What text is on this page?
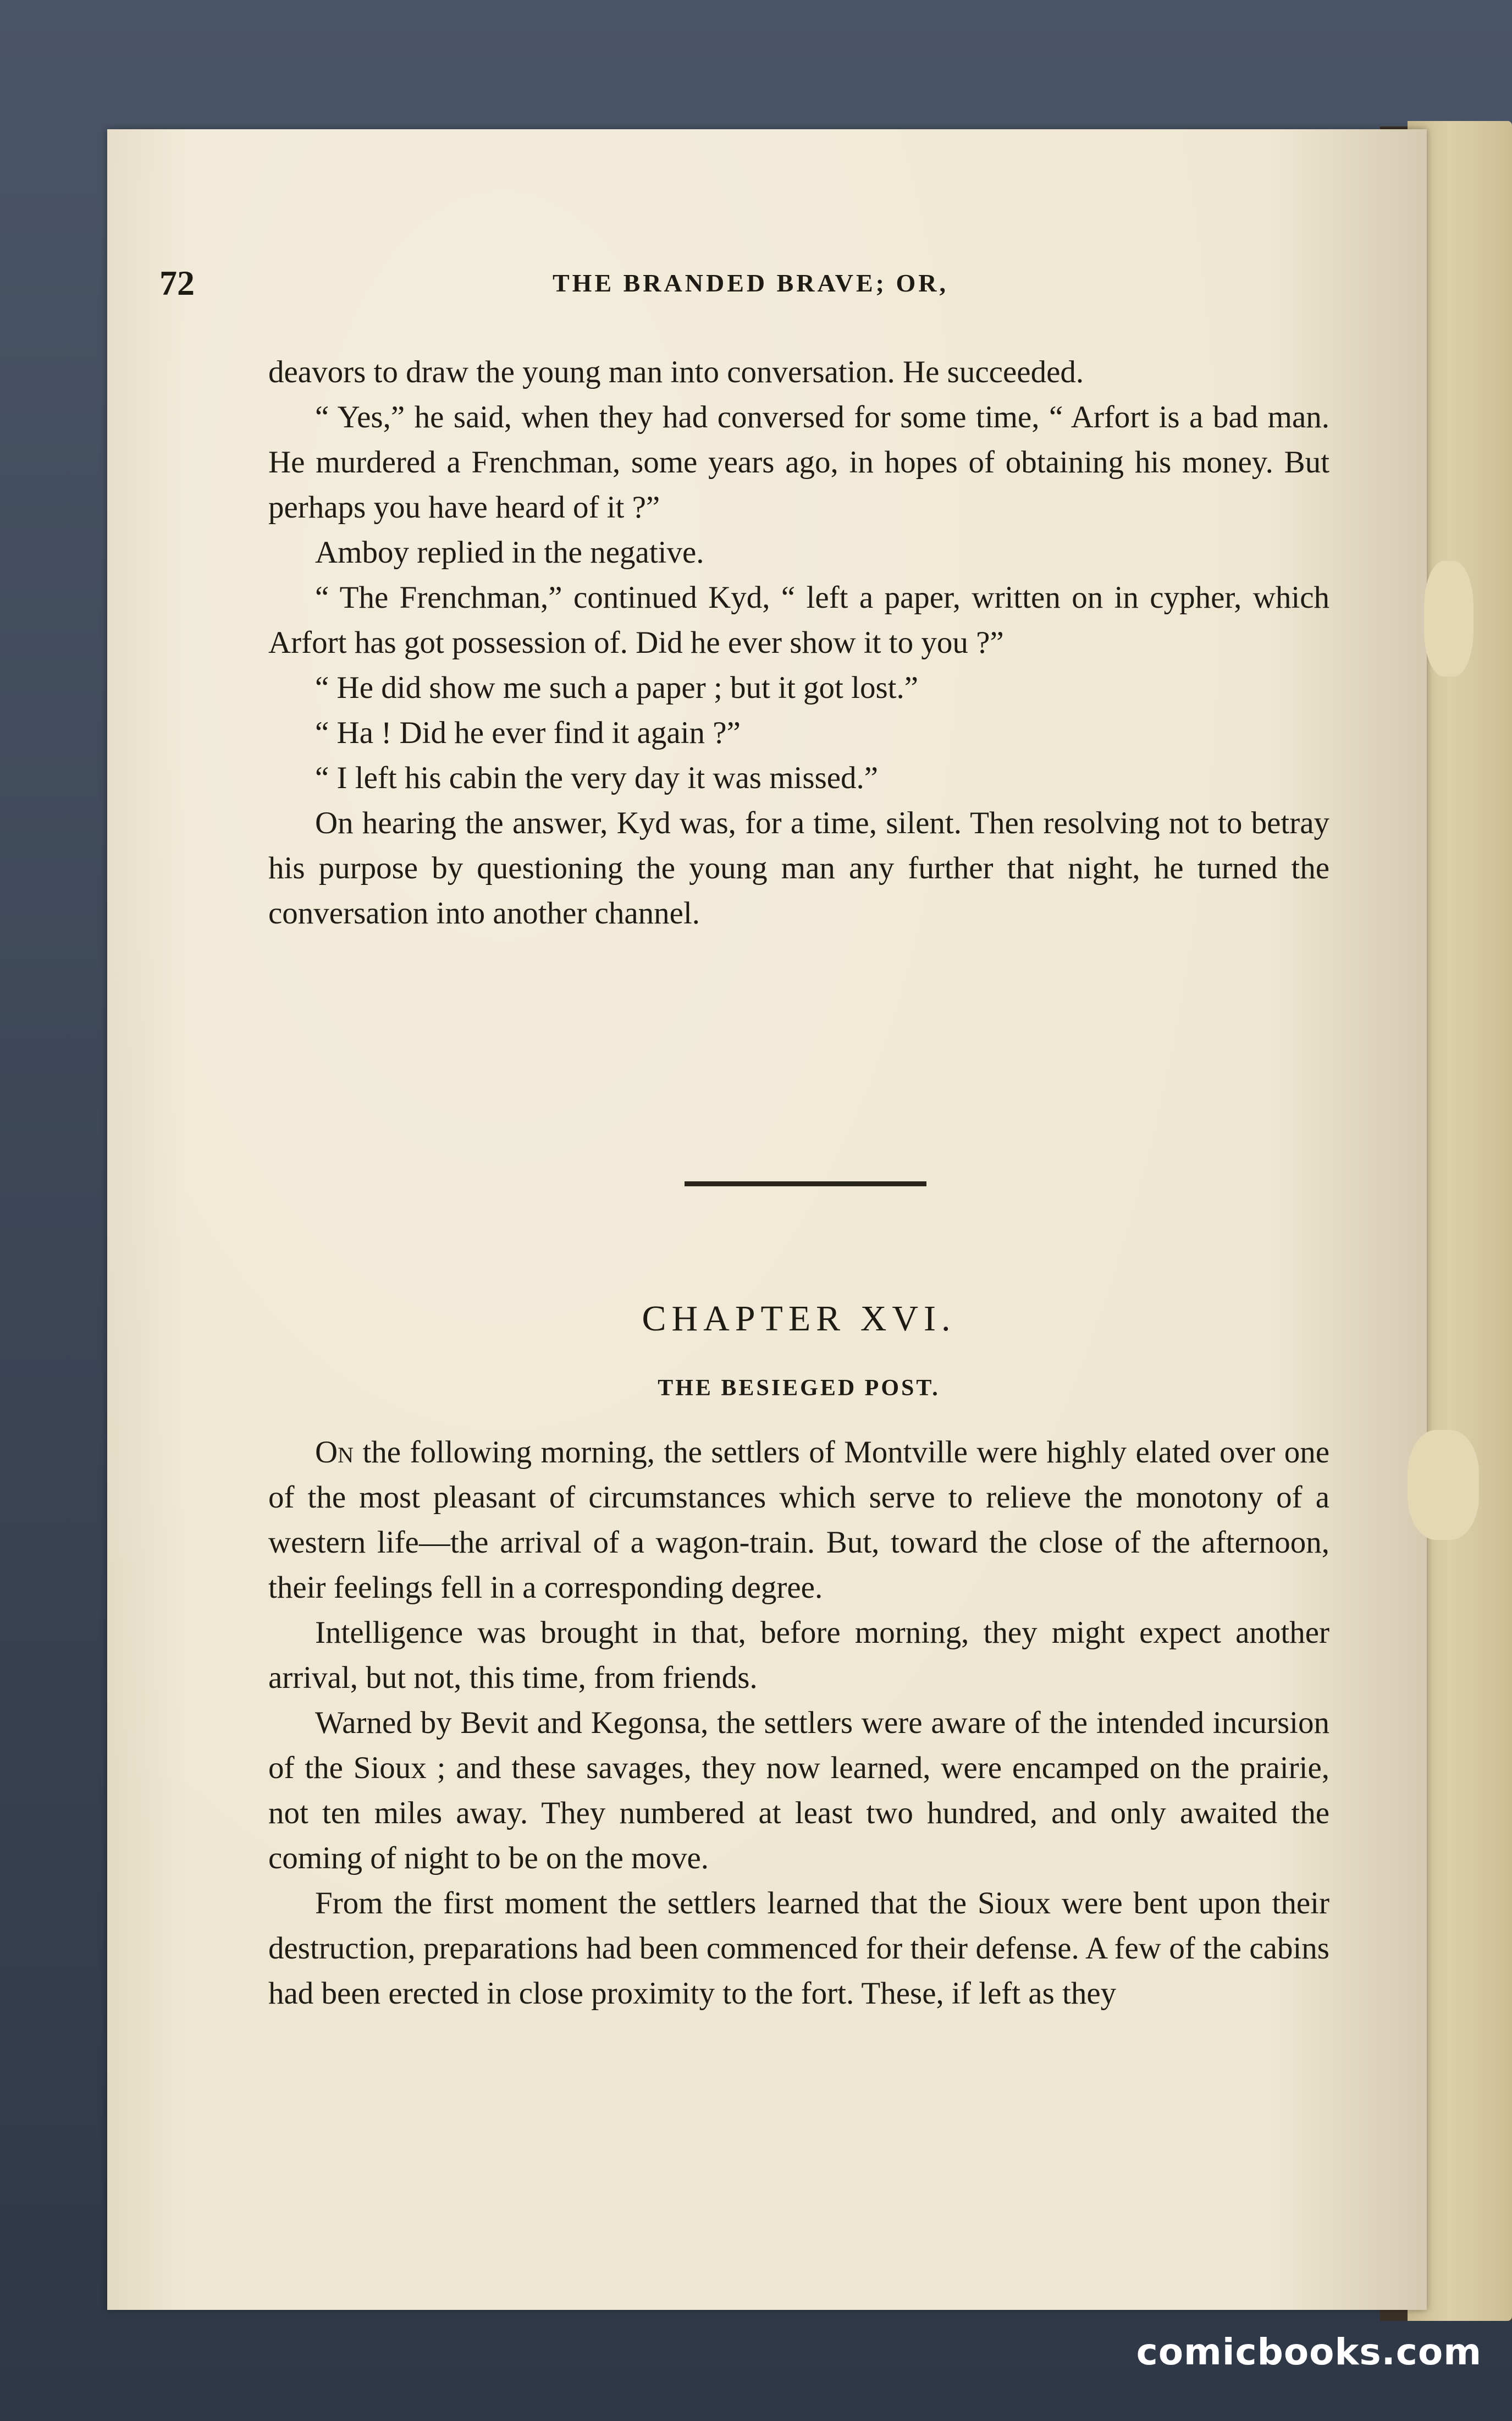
72	THE BRANDED BRAVE; OR,

deavors to draw the young man into conversation. He succeeded.

“ Yes,” he said, when they had conversed for some time, “ Arfort is a bad man. He murdered a Frenchman, some years ago, in hopes of obtaining his money. But perhaps you have heard of it ?”

Amboy replied in the negative.

“ The Frenchman,” continued Kyd, “ left a paper, written on in cypher, which Arfort has got possession of. Did he ever show it to you ?”

“ He did show me such a paper ; but it got lost.”

“ Ha ! Did he ever find it again ?”

“ I left his cabin the very day it was missed.”

On hearing the answer, Kyd was, for a time, silent. Then resolving not to betray his purpose by questioning the young man any further that night, he turned the conversation into another channel.

CHAPTER XVI.
THE BESIEGED POST.

On the following morning, the settlers of Montville were highly elated over one of the most pleasant of circumstances which serve to relieve the monotony of a western life—the arrival of a wagon-train. But, toward the close of the afternoon, their feelings fell in a corresponding degree.

Intelligence was brought in that, before morning, they might expect another arrival, but not, this time, from friends.

Warned by Bevit and Kegonsa, the settlers were aware of the intended incursion of the Sioux ; and these savages, they now learned, were encamped on the prairie, not ten miles away. They numbered at least two hundred, and only awaited the coming of night to be on the move.

From the first moment the settlers learned that the Sioux were bent upon their destruction, preparations had been commenced for their defense. A few of the cabins had been erected in close proximity to the fort. These, if left as they

comicbooks.com
